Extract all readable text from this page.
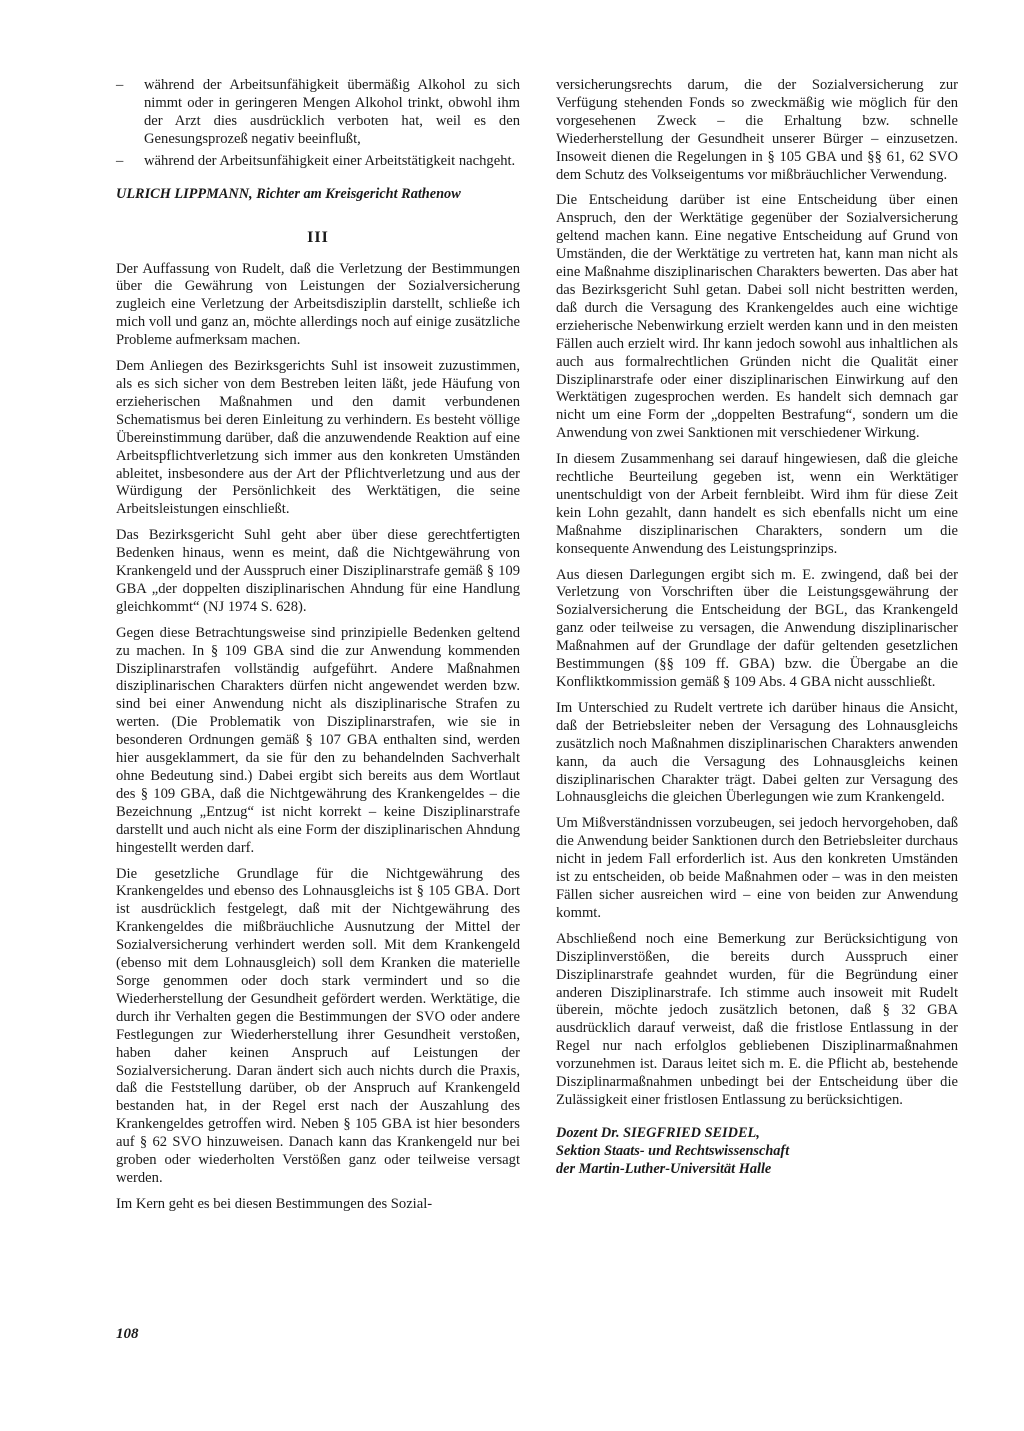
–	während der Arbeitsunfähigkeit übermäßig Alkohol zu sich nimmt oder in geringeren Mengen Alkohol trinkt, obwohl ihm der Arzt dies ausdrücklich verboten hat, weil es den Genesungsprozeß negativ beeinflußt,
–	während der Arbeitsunfähigkeit einer Arbeitstätigkeit nachgeht.

ULRICH LIPPMANN, Richter am Kreisgericht Rathenow

III

Der Auffassung von Rudelt, daß die Verletzung der Bestimmungen über die Gewährung von Leistungen der Sozialversicherung zugleich eine Verletzung der Arbeitsdisziplin darstellt, schließe ich mich voll und ganz an, möchte allerdings noch auf einige zusätzliche Probleme aufmerksam machen.

Dem Anliegen des Bezirksgerichts Suhl ist insoweit zuzustimmen, als es sich sicher von dem Bestreben leiten läßt, jede Häufung von erzieherischen Maßnahmen und den damit verbundenen Schematismus bei deren Einleitung zu verhindern. Es besteht völlige Übereinstimmung darüber, daß die anzuwendende Reaktion auf eine Arbeitspflichtverletzung sich immer aus den konkreten Umständen ableitet, insbesondere aus der Art der Pflichtverletzung und aus der Würdigung der Persönlichkeit des Werktätigen, die seine Arbeitsleistungen einschließt.

Das Bezirksgericht Suhl geht aber über diese gerechtfertigten Bedenken hinaus, wenn es meint, daß die Nichtgewährung von Krankengeld und der Ausspruch einer Disziplinarstrafe gemäß § 109 GBA „der doppelten disziplinarischen Ahndung für eine Handlung gleichkommt“ (NJ 1974 S. 628).

Gegen diese Betrachtungsweise sind prinzipielle Bedenken geltend zu machen. In § 109 GBA sind die zur Anwendung kommenden Disziplinarstrafen vollständig aufgeführt. Andere Maßnahmen disziplinarischen Charakters dürfen nicht angewendet werden bzw. sind bei einer Anwendung nicht als disziplinarische Strafen zu werten. (Die Problematik von Disziplinarstrafen, wie sie in besonderen Ordnungen gemäß § 107 GBA enthalten sind, werden hier ausgeklammert, da sie für den zu behandelnden Sachverhalt ohne Bedeutung sind.) Dabei ergibt sich bereits aus dem Wortlaut des § 109 GBA, daß die Nichtgewährung des Krankengeldes – die Bezeichnung „Entzug“ ist nicht korrekt – keine Disziplinarstrafe darstellt und auch nicht als eine Form der disziplinarischen Ahndung hingestellt werden darf.

Die gesetzliche Grundlage für die Nichtgewährung des Krankengeldes und ebenso des Lohnausgleichs ist § 105 GBA. Dort ist ausdrücklich festgelegt, daß mit der Nichtgewährung des Krankengeldes die mißbräuchliche Ausnutzung der Mittel der Sozialversicherung verhindert werden soll. Mit dem Krankengeld (ebenso mit dem Lohnausgleich) soll dem Kranken die materielle Sorge genommen oder doch stark vermindert und so die Wiederherstellung der Gesundheit gefördert werden. Werktätige, die durch ihr Verhalten gegen die Bestimmungen der SVO oder andere Festlegungen zur Wiederherstellung ihrer Gesundheit verstoßen, haben daher keinen Anspruch auf Leistungen der Sozialversicherung. Daran ändert sich auch nichts durch die Praxis, daß die Feststellung darüber, ob der Anspruch auf Krankengeld bestanden hat, in der Regel erst nach der Auszahlung des Krankengeldes getroffen wird. Neben § 105 GBA ist hier besonders auf § 62 SVO hinzuweisen. Danach kann das Krankengeld nur bei groben oder wiederholten Verstößen ganz oder teilweise versagt werden.

Im Kern geht es bei diesen Bestimmungen des Sozial-

versicherungsrechts darum, die der Sozialversicherung zur Verfügung stehenden Fonds so zweckmäßig wie möglich für den vorgesehenen Zweck – die Erhaltung bzw. schnelle Wiederherstellung der Gesundheit unserer Bürger – einzusetzen. Insoweit dienen die Regelungen in § 105 GBA und §§ 61, 62 SVO dem Schutz des Volkseigentums vor mißbräuchlicher Verwendung.

Die Entscheidung darüber ist eine Entscheidung über einen Anspruch, den der Werktätige gegenüber der Sozialversicherung geltend machen kann. Eine negative Entscheidung auf Grund von Umständen, die der Werktätige zu vertreten hat, kann man nicht als eine Maßnahme disziplinarischen Charakters bewerten. Das aber hat das Bezirksgericht Suhl getan. Dabei soll nicht bestritten werden, daß durch die Versagung des Krankengeldes auch eine wichtige erzieherische Nebenwirkung erzielt werden kann und in den meisten Fällen auch erzielt wird. Ihr kann jedoch sowohl aus inhaltlichen als auch aus formalrechtlichen Gründen nicht die Qualität einer Disziplinarstrafe oder einer disziplinarischen Einwirkung auf den Werktätigen zugesprochen werden. Es handelt sich demnach gar nicht um eine Form der „doppelten Bestrafung“, sondern um die Anwendung von zwei Sanktionen mit verschiedener Wirkung.

In diesem Zusammenhang sei darauf hingewiesen, daß die gleiche rechtliche Beurteilung gegeben ist, wenn ein Werktätiger unentschuldigt von der Arbeit fernbleibt. Wird ihm für diese Zeit kein Lohn gezahlt, dann handelt es sich ebenfalls nicht um eine Maßnahme disziplinarischen Charakters, sondern um die konsequente Anwendung des Leistungsprinzips.

Aus diesen Darlegungen ergibt sich m. E. zwingend, daß bei der Verletzung von Vorschriften über die Leistungsgewährung der Sozialversicherung die Entscheidung der BGL, das Krankengeld ganz oder teilweise zu versagen, die Anwendung disziplinarischer Maßnahmen auf der Grundlage der dafür geltenden gesetzlichen Bestimmungen (§§ 109 ff. GBA) bzw. die Übergabe an die Konfliktkommission gemäß § 109 Abs. 4 GBA nicht ausschließt.

Im Unterschied zu Rudelt vertrete ich darüber hinaus die Ansicht, daß der Betriebsleiter neben der Versagung des Lohnausgleichs zusätzlich noch Maßnahmen disziplinarischen Charakters anwenden kann, da auch die Versagung des Lohnausgleichs keinen disziplinarischen Charakter trägt. Dabei gelten zur Versagung des Lohnausgleichs die gleichen Überlegungen wie zum Krankengeld.

Um Mißverständnissen vorzubeugen, sei jedoch hervorgehoben, daß die Anwendung beider Sanktionen durch den Betriebsleiter durchaus nicht in jedem Fall erforderlich ist. Aus den konkreten Umständen ist zu entscheiden, ob beide Maßnahmen oder – was in den meisten Fällen sicher ausreichen wird – eine von beiden zur Anwendung kommt.

Abschließend noch eine Bemerkung zur Berücksichtigung von Disziplinverstößen, die bereits durch Ausspruch einer Disziplinarstrafe geahndet wurden, für die Begründung einer anderen Disziplinarstrafe. Ich stimme auch insoweit mit Rudelt überein, möchte jedoch zusätzlich betonen, daß § 32 GBA ausdrücklich darauf verweist, daß die fristlose Entlassung in der Regel nur nach erfolglos gebliebenen Disziplinarmaßnahmen vorzunehmen ist. Daraus leitet sich m. E. die Pflicht ab, bestehende Disziplinarmaßnahmen unbedingt bei der Entscheidung über die Zulässigkeit einer fristlosen Entlassung zu berücksichtigen.

Dozent Dr. SIEGFRIED SEIDEL,

Sektion Staats- und Rechtswissenschaft

der Martin-Luther-Universität Halle

108
